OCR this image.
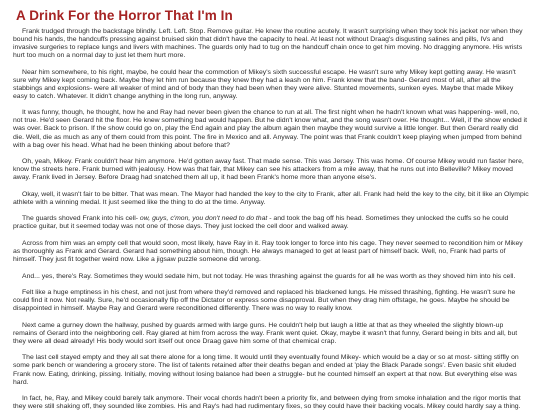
A Drink For the Horror That I'm In

Frank trudged through the backstage blindly. Left. Left. Stop. Remove guitar. He knew the routine acutely. It wasn't surprising when they took his jacket nor when they bound his hands, the handcuffs pressing against bruised skin that didn't have the capacity to heal. At least not without Draag's disgusting salines and pills, IVs and invasive surgeries to replace lungs and livers with machines. The guards only had to tug on the handcuff chain once to get him moving. No dragging anymore. His wrists hurt too much on a normal day to just let them hurt more.

Near him somewhere, to his right, maybe, he could hear the commotion of Mikey's sixth successful escape. He wasn't sure why Mikey kept getting away. He wasn't sure why Mikey kept coming back. Maybe they let him run because they knew they had a leash on him. Frank knew that the band- Gerard most of all, after all the stabbings and explosions- were all weaker of mind and of body than they had been when they were alive. Stunted movements, sunken eyes. Maybe that made Mikey easy to catch. Whatever. It didn't change anything in the long run, anyway.

It was funny, though, he thought, how he and Ray had never been given the chance to run at all. The first night when he hadn't known what was happening- well, no, not true. He'd seen Gerard hit the floor. He knew something bad would happen. But he didn't know what, and the song wasn't over. He thought... Well, if the show ended it was over. Back to prison. If the show could go on, play the End again and play the album again then maybe they would survive a little longer. But then Gerard really did die. Well, die as much as any of them could from this point. The fire in Mexico and all. Anyway. The point was that Frank couldn't keep playing when jumped from behind with a bag over his head. What had he been thinking about before that?

Oh, yeah, Mikey. Frank couldn't hear him anymore. He'd gotten away fast. That made sense. This was Jersey. This was home. Of course Mikey would run faster here, know the streets here. Frank burned with jealousy. How was that fair, that Mikey can see his attackers from a mile away, that he runs out into Belleville? Mikey moved away. Frank lived in Jersey. Before Draag had snatched them all up, it had been Frank's home more than anyone else's.

Okay, well, it wasn't fair to be bitter. That was mean. The Mayor had handed the key to the city to Frank, after all. Frank had held the key to the city, bit it like an Olympic athlete with a winning medal. It just seemed like the thing to do at the time. Anyway.

The guards shoved Frank into his cell- ow, guys, c'mon, you don't need to do that - and took the bag off his head. Sometimes they unlocked the cuffs so he could practice guitar, but it seemed today was not one of those days. They just locked the cell door and walked away.

Across from him was an empty cell that would soon, most likely, have Ray in it. Ray took longer to force into his cage. They never seemed to recondition him or Mikey as thoroughly as Frank and Gerard. Gerard had something about him, though. He always managed to get at least part of himself back. Well, no, Frank had parts of himself. They just fit together weird now. Like a jigsaw puzzle someone did wrong.

And... yes, there's Ray. Sometimes they would sedate him, but not today. He was thrashing against the guards for all he was worth as they shoved him into his cell.

Felt like a huge emptiness in his chest, and not just from where they'd removed and replaced his blackened lungs. He missed thrashing, fighting. He wasn't sure he could find it now. Not really. Sure, he'd occasionally flip off the Dictator or express some disapproval. But when they drag him offstage, he goes. Maybe he should be disappointed in himself. Maybe Ray and Gerard were reconditioned differently. There was no way to really know.

Next came a gurney down the hallway, pushed by guards armed with large guns. He couldn't help but laugh a little at that as they wheeled the slightly blown-up remains of Gerard into the neighboring cell. Ray glared at him from across the way. Frank went quiet. Okay, maybe it wasn't that funny, Gerard being in bits and all, but they were all dead already! His body would sort itself out once Draag gave him some of that chemical crap.

The last cell stayed empty and they all sat there alone for a long time. It would until they eventually found Mikey- which would be a day or so at most- sitting stiffly on some park bench or wandering a grocery store. The list of talents retained after their deaths began and ended at 'play the Black Parade songs'. Even basic shit eluded Frank now. Eating, drinking, pissing. Initially, moving without losing balance had been a struggle- but he counted himself an expert at that now. But everything else was hard.

In fact, he, Ray, and Mikey could barely talk anymore. Their vocal chords hadn't been a priority fix, and between dying from smoke inhalation and the rigor mortis that they were still shaking off, they sounded like zombies. His and Ray's had had rudimentary fixes, so they could have their backing vocals. Mikey could hardly say a thing.
